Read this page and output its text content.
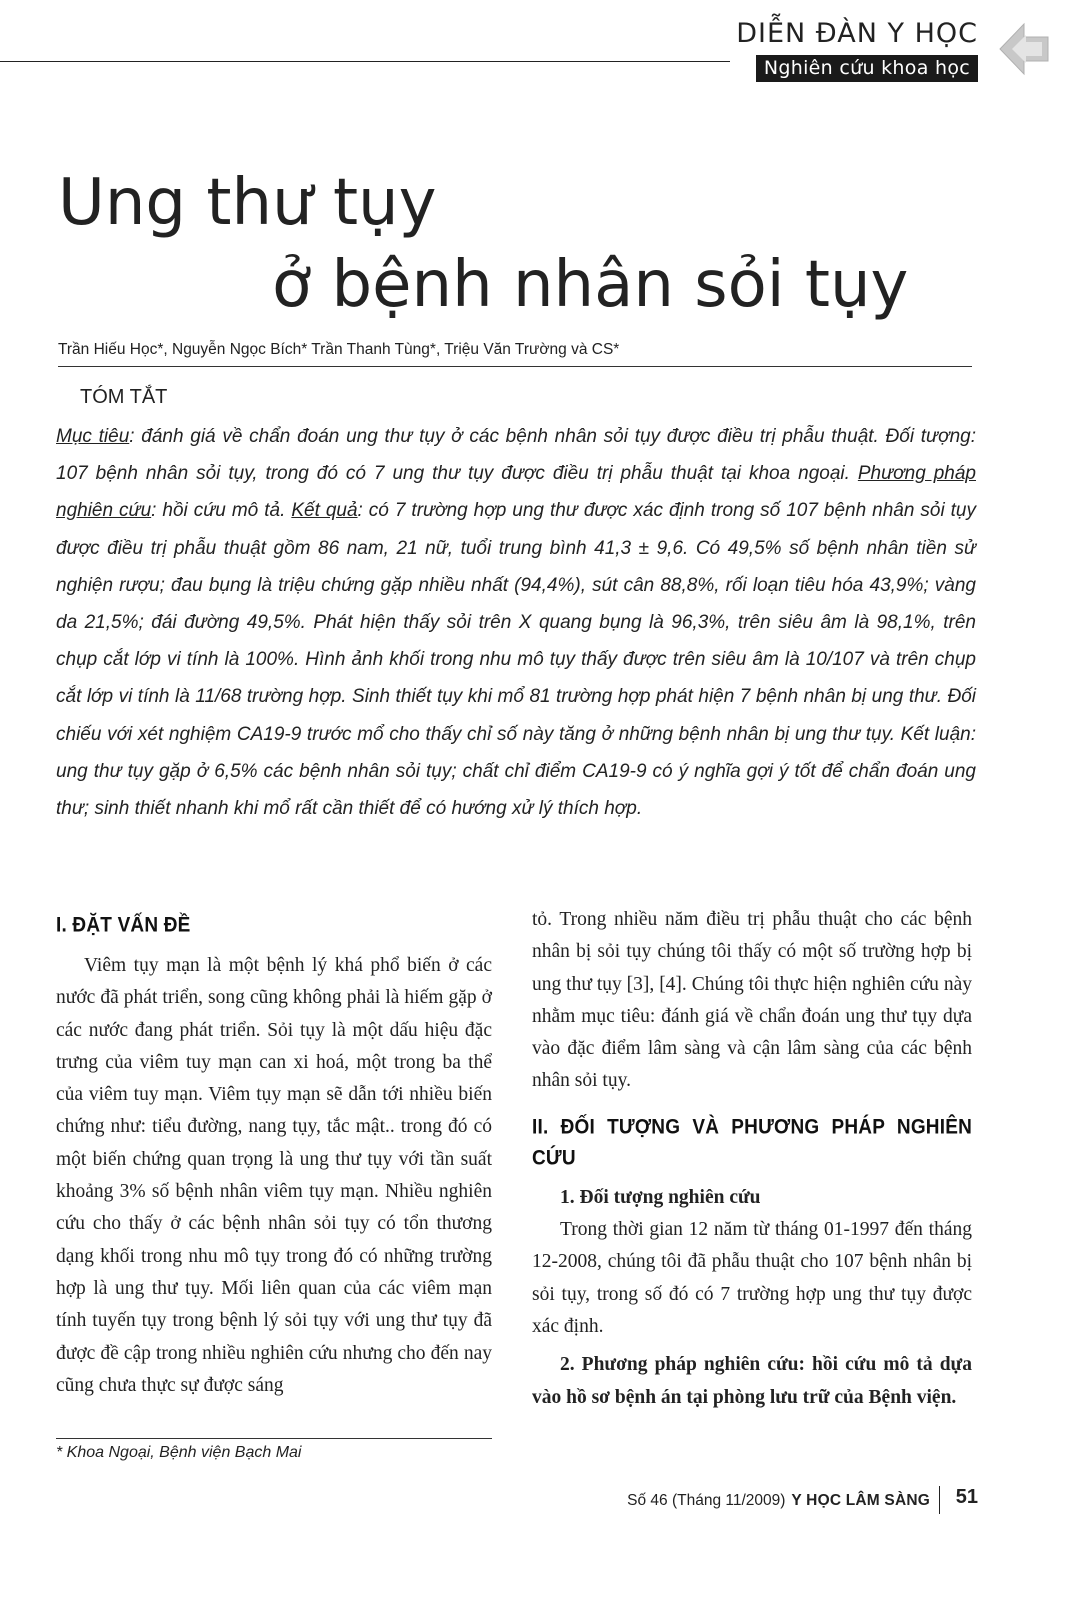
DIỄN ĐÀN Y HỌC
Nghiên cứu khoa học
Ung thư tụy
ở bệnh nhân sỏi tụy
Trần Hiếu Học*, Nguyễn Ngọc Bích* Trần Thanh Tùng*, Triệu Văn Trường và CS*
TÓM TẮT

Mục tiêu: đánh giá về chẩn đoán ung thư tụy ở các bệnh nhân sỏi tụy được điều trị phẫu thuật. Đối tượng: 107 bệnh nhân sỏi tụy, trong đó có 7 ung thư tụy được điều trị phẫu thuật tại khoa ngoại. Phương pháp nghiên cứu: hồi cứu mô tả. Kết quả: có 7 trường hợp ung thư được xác định trong số 107 bệnh nhân sỏi tụy được điều trị phẫu thuật gồm 86 nam, 21 nữ, tuổi trung bình 41,3 ± 9,6. Có 49,5% số bệnh nhân tiền sử nghiện rượu; đau bụng là triệu chứng gặp nhiều nhất (94,4%), sút cân 88,8%, rối loạn tiêu hóa 43,9%; vàng da 21,5%; đái đường 49,5%. Phát hiện thấy sỏi trên X quang bụng là 96,3%, trên siêu âm là 98,1%, trên chụp cắt lớp vi tính là 100%. Hình ảnh khối trong nhu mô tụy thấy được trên siêu âm là 10/107 và trên chụp cắt lớp vi tính là 11/68 trường hợp. Sinh thiết tụy khi mổ 81 trường hợp phát hiện 7 bệnh nhân bị ung thư. Đối chiếu với xét nghiệm CA19-9 trước mổ cho thấy chỉ số này tăng ở những bệnh nhân bị ung thư tụy. Kết luận: ung thư tụy gặp ở 6,5% các bệnh nhân sỏi tụy; chất chỉ điểm CA19-9 có ý nghĩa gợi ý tốt để chẩn đoán ung thư; sinh thiết nhanh khi mổ rất cần thiết để có hướng xử lý thích hợp.

I. ĐẶT VẤN ĐỀ

Viêm tụy mạn là một bệnh lý khá phổ biến ở các nước đã phát triển, song cũng không phải là hiếm gặp ở các nước đang phát triển. Sỏi tụy là một dấu hiệu đặc trưng của viêm tuy mạn can xi hoá, một trong ba thể của viêm tuy mạn. Viêm tụy mạn sẽ dẫn tới nhiều biến chứng như: tiểu đường, nang tụy, tắc mật.. trong đó có một biến chứng quan trọng là ung thư tụy với tần suất khoảng 3% số bệnh nhân viêm tụy mạn. Nhiều nghiên cứu cho thấy ở các bệnh nhân sỏi tụy có tổn thương dạng khối trong nhu mô tụy trong đó có những trường hợp là ung thư tụy. Mối liên quan của các viêm mạn tính tuyến tụy trong bệnh lý sỏi tụy với ung thư tụy đã được đề cập trong nhiều nghiên cứu nhưng cho đến nay cũng chưa thực sự được sáng

tỏ. Trong nhiều năm điều trị phẫu thuật cho các bệnh nhân bị sỏi tụy chúng tôi thấy có một số trường hợp bị ung thư tụy [3], [4]. Chúng tôi thực hiện nghiên cứu này nhằm mục tiêu: đánh giá về chẩn đoán ung thư tụy dựa vào đặc điểm lâm sàng và cận lâm sàng của các bệnh nhân sỏi tụy.

II. ĐỐI TƯỢNG VÀ PHƯƠNG PHÁP NGHIÊN CỨU

1. Đối tượng nghiên cứu

Trong thời gian 12 năm từ tháng 01-1997 đến tháng 12-2008, chúng tôi đã phẫu thuật cho 107 bệnh nhân bị sỏi tụy, trong số đó có 7 trường hợp ung thư tụy được xác định.

2. Phương pháp nghiên cứu: hồi cứu mô tả dựa vào hồ sơ bệnh án tại phòng lưu trữ của Bệnh viện.

* Khoa Ngoại, Bệnh viện Bạch Mai
Số 46 (Tháng 11/2009) Y HỌC LÂM SÀNG 51
